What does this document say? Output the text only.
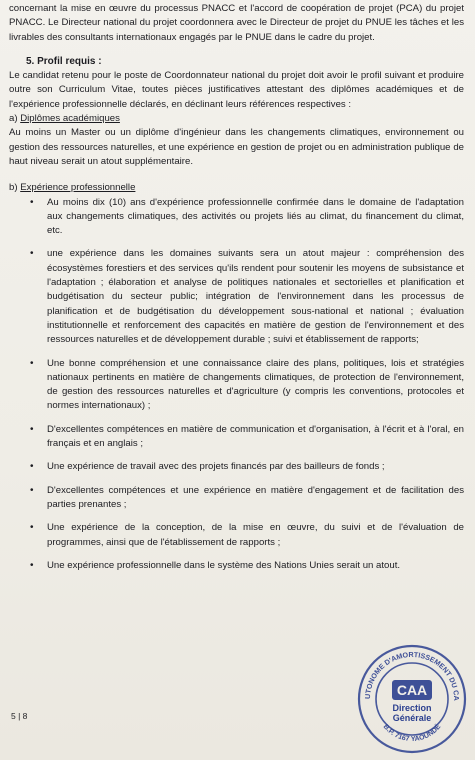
concernant la mise en œuvre du processus PNACC et l'accord de coopération de projet (PCA) du projet PNACC. Le Directeur national du projet coordonnera avec le Directeur de projet du PNUE les tâches et les livrables des consultants internationaux engagés par le PNUE dans le cadre du projet.

5. Profil requis :

Le candidat retenu pour le poste de Coordonnateur national du projet doit avoir le profil suivant et produire outre son Curriculum Vitae, toutes pièces justificatives attestant des diplômes académiques et de l'expérience professionnelle déclarés, en déclinant leurs références respectives :

a) Diplômes académiques

Au moins un Master ou un diplôme d'ingénieur dans les changements climatiques, environnement ou gestion des ressources naturelles, et une expérience en gestion de projet ou en administration publique de haut niveau serait un atout supplémentaire.

b) Expérience professionnelle

• Au moins dix (10) ans d'expérience professionnelle confirmée dans le domaine de l'adaptation aux changements climatiques, des activités ou projets liés au climat, du financement du climat, etc.
• une expérience dans les domaines suivants sera un atout majeur : compréhension des écosystèmes forestiers et des services qu'ils rendent pour soutenir les moyens de subsistance et l'adaptation ; élaboration et analyse de politiques nationales et sectorielles et planification et budgétisation du secteur public; intégration de l'environnement dans les processus de planification et de budgétisation du développement sous-national et national ; évaluation institutionnelle et renforcement des capacités en matière de gestion de l'environnement et des ressources naturelles et de développement durable ; suivi et établissement de rapports;
• Une bonne compréhension et une connaissance claire des plans, politiques, lois et stratégies nationaux pertinents en matière de changements climatiques, de protection de l'environnement, de gestion des ressources naturelles et d'agriculture (y compris les conventions, protocoles et normes internationaux) ;
• D'excellentes compétences en matière de communication et d'organisation, à l'écrit et à l'oral, en français et en anglais ;
• Une expérience de travail avec des projets financés par des bailleurs de fonds ;
• D'excellentes compétences et une expérience en matière d'engagement et de facilitation des parties prenantes ;
• Une expérience de la conception, de la mise en œuvre, du suivi et de l'évaluation de programmes, ainsi que de l'établissement de rapports ;
• Une expérience professionnelle dans le système des Nations Unies serait un atout.
5 | 8
UTONOME D'AMORTISSEMENT DU CA
B.P. 7167 YAOUNDÉ
CAA
Direction
Générale
